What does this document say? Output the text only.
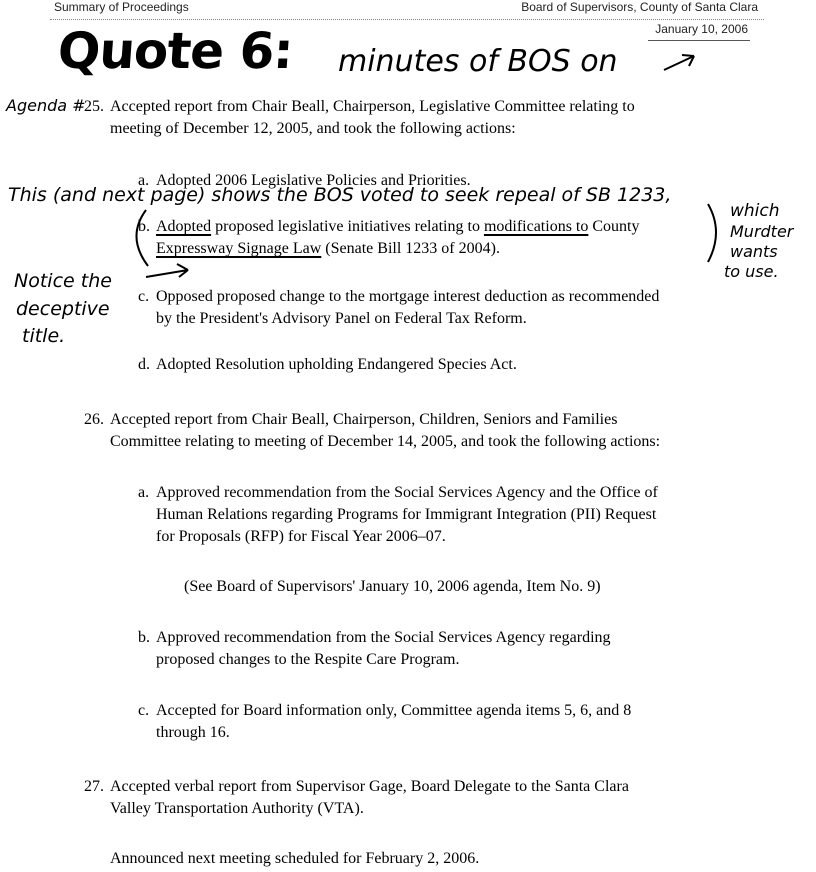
Summary of Proceedings	Board of Supervisors, County of Santa Clara
January 10, 2006
Quote 6: minutes of BOS on
Agenda #
This (and next page) shows the BOS voted to seek repeal of SB 1233,
which
Murdter
wants
to use.
Notice the
deceptive
title.
25. Accepted report from Chair Beall, Chairperson, Legislative Committee relating to
meeting of December 12, 2005, and took the following actions:
a. Adopted 2006 Legislative Policies and Priorities.
b. Adopted proposed legislative initiatives relating to modifications to County
Expressway Signage Law (Senate Bill 1233 of 2004).
c. Opposed proposed change to the mortgage interest deduction as recommended
by the President's Advisory Panel on Federal Tax Reform.
d. Adopted Resolution upholding Endangered Species Act.
26. Accepted report from Chair Beall, Chairperson, Children, Seniors and Families
Committee relating to meeting of December 14, 2005, and took the following actions:
a. Approved recommendation from the Social Services Agency and the Office of
Human Relations regarding Programs for Immigrant Integration (PII) Request
for Proposals (RFP) for Fiscal Year 2006–07.
(See Board of Supervisors' January 10, 2006 agenda, Item No. 9)
b. Approved recommendation from the Social Services Agency regarding
proposed changes to the Respite Care Program.
c. Accepted for Board information only, Committee agenda items 5, 6, and 8
through 16.
27. Accepted verbal report from Supervisor Gage, Board Delegate to the Santa Clara
Valley Transportation Authority (VTA).
Announced next meeting scheduled for February 2, 2006.
